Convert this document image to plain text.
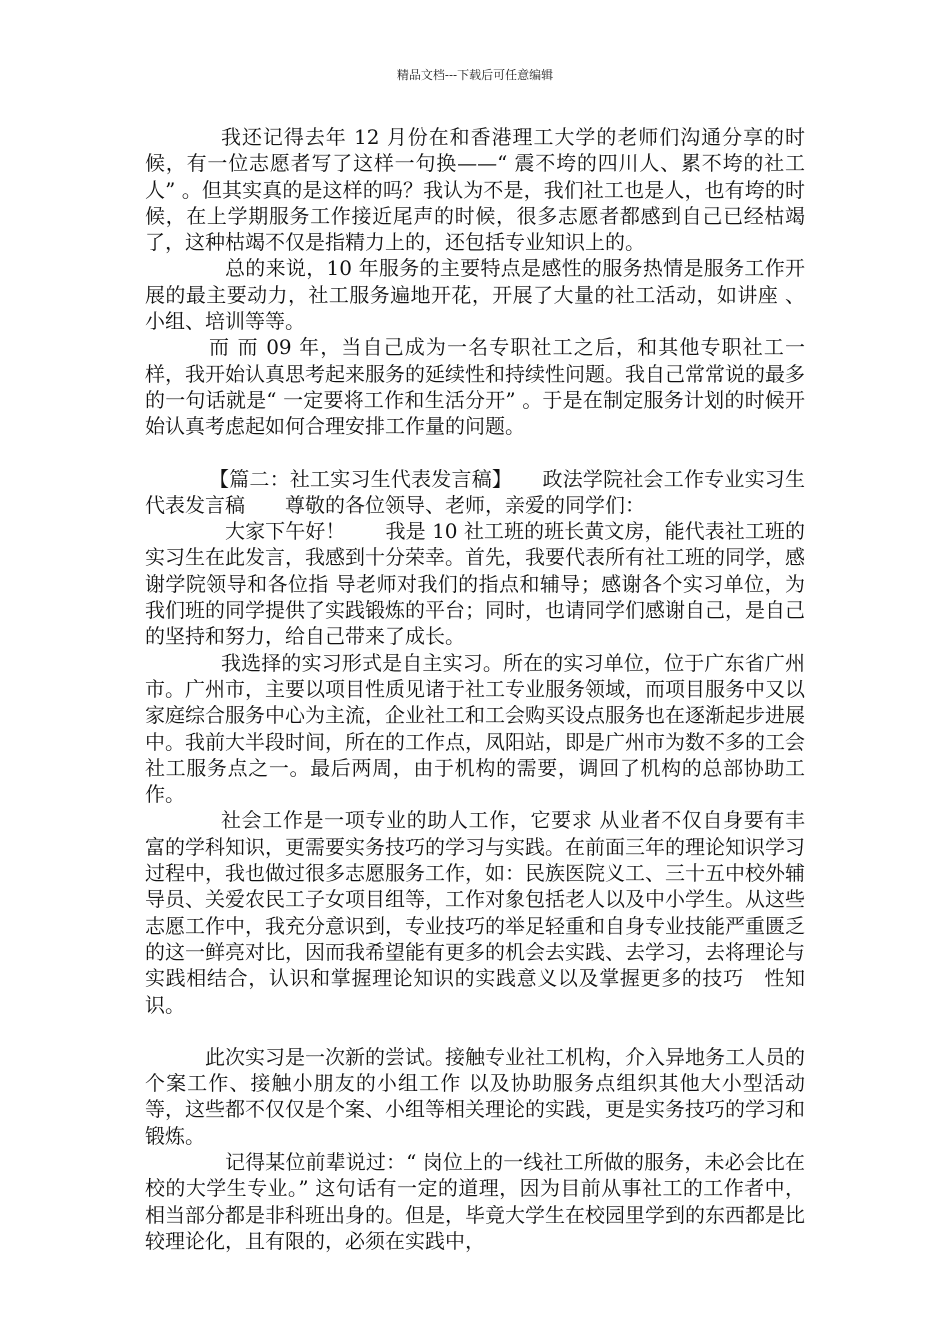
精品文档---下载后可任意编辑

我还记得去年 12 月份在和香港理工大学的老师们沟通分享的时候，有一位志愿者写了这样一句换——“ 震不垮的四川人、累不垮的社工人” 。但其实真的是这样的吗？我认为不是，我们社工也是人，也有垮的时候，在上学期服务工作接近尾声的时候，很多志愿者都感到自己已经枯竭了，这种枯竭不仅是指精力上的，还包括专业知识上的。

总的来说，10 年服务的主要特点是感性的服务热情是服务工作开展的最主要动力，社工服务遍地开花，开展了大量的社工活动，如讲座 、小组、培训等等。

而 而 09 年，当自己成为一名专职社工之后，和其他专职社工一样，我开始认真思考起来服务的延续性和持续性问题。我自己常常说的最多的一句话就是“ 一定要将工作和生活分开” 。于是在制定服务计划的时候开始认真考虑起如何合理安排工作量的问题。

【篇二：社工实习生代表发言稿】　　政法学院社会工作专业实习生代表发言稿　　尊敬的各位领导、老师，亲爱的同学们：

大家下午好！　　我是 10 社工班的班长黄文房，能代表社工班的实习生在此发言，我感到十分荣幸。首先，我要代表所有社工班的同学，感谢学院领导和各位指 导老师对我们的指点和辅导；感谢各个实习单位，为我们班的同学提供了实践锻炼的平台；同时，也请同学们感谢自己，是自己的坚持和努力，给自己带来了成长。

我选择的实习形式是自主实习。所在的实习单位，位于广东省广州市。广州市，主要以项目性质见诸于社工专业服务领域，而项目服务中又以家庭综合服务中心为主流，企业社工和工会购买设点服务也在逐渐起步进展中。我前大半段时间，所在的工作点，凤阳站，即是广州市为数不多的工会社工服务点之一。最后两周，由于机构的需要，调回了机构的总部协助工作。

社会工作是一项专业的助人工作，它要求 从业者不仅自身要有丰富的学科知识，更需要实务技巧的学习与实践。在前面三年的理论知识学习过程中，我也做过很多志愿服务工作，如：民族医院义工、三十五中校外辅导员、关爱农民工子女项目组等，工作对象包括老人以及中小学生。从这些志愿工作中，我充分意识到，专业技巧的举足轻重和自身专业技能严重匮乏的这一鲜亮对比，因而我希望能有更多的机会去实践、去学习，去将理论与实践相结合，认识和掌握理论知识的实践意义以及掌握更多的技巧　性知识。

此次实习是一次新的尝试。接触专业社工机构，介入异地务工人员的个案工作、接触小朋友的小组工作 以及协助服务点组织其他大小型活动等，这些都不仅仅是个案、小组等相关理论的实践，更是实务技巧的学习和锻炼。

记得某位前辈说过：“ 岗位上的一线社工所做的服务，未必会比在校的大学生专业。” 这句话有一定的道理，因为目前从事社工的工作者中，相当部分都是非科班出身的。但是，毕竟大学生在校园里学到的东西都是比较理论化，且有限的，必须在实践中，
